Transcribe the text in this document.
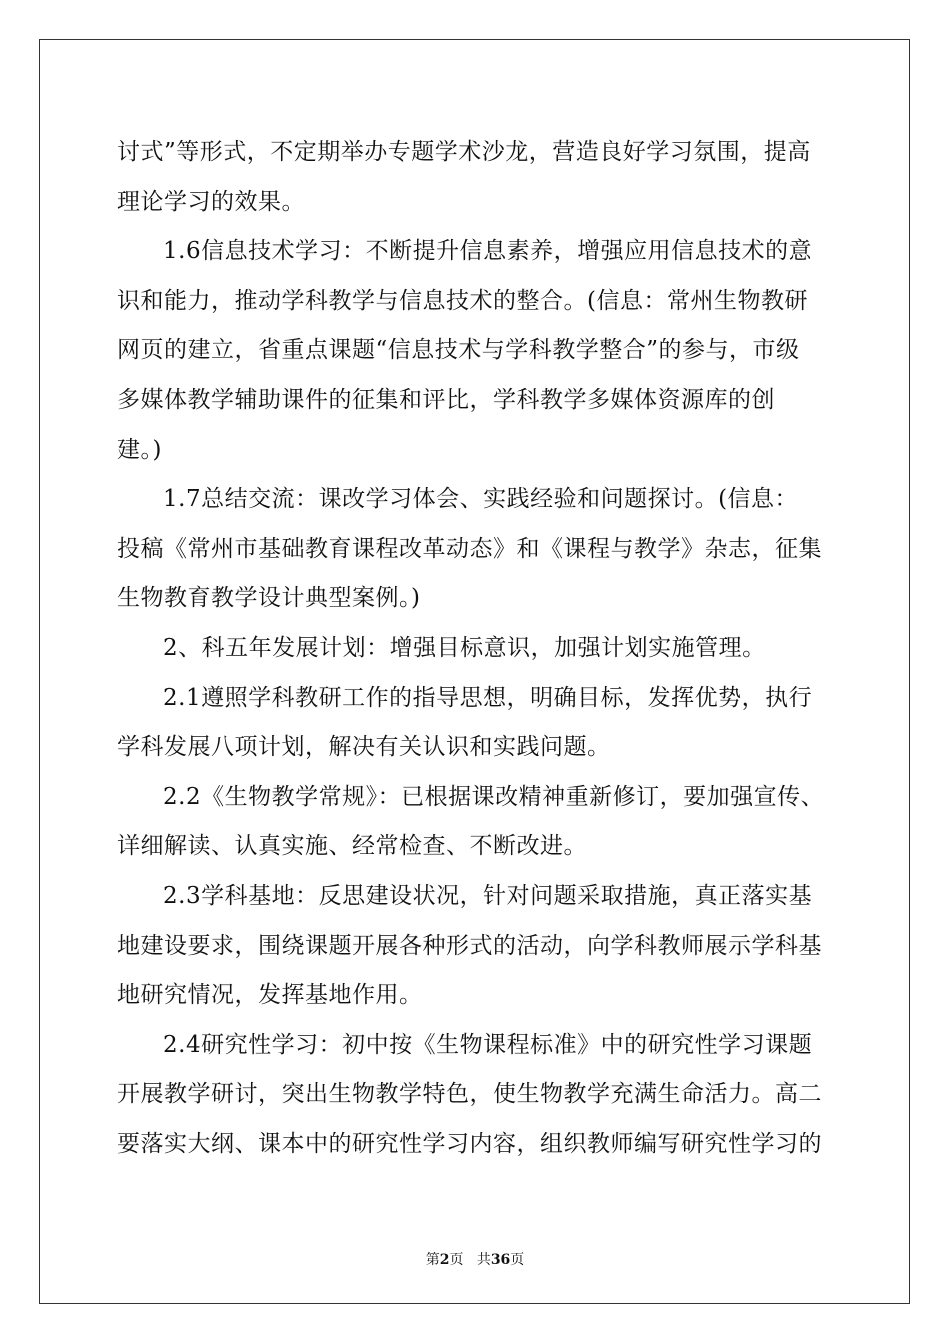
讨式”等形式，不定期举办专题学术沙龙，营造良好学习氛围，提高
理论学习的效果。
1.6信息技术学习：不断提升信息素养，增强应用信息技术的意
识和能力，推动学科教学与信息技术的整合。(信息：常州生物教研
网页的建立，省重点课题“信息技术与学科教学整合”的参与，市级
多媒体教学辅助课件的征集和评比，学科教学多媒体资源库的创
建。)
1.7总结交流：课改学习体会、实践经验和问题探讨。(信息：
投稿《常州市基础教育课程改革动态》和《课程与教学》杂志，征集
生物教育教学设计典型案例。)
2、科五年发展计划：增强目标意识，加强计划实施管理。
2.1遵照学科教研工作的指导思想，明确目标，发挥优势，执行
学科发展八项计划，解决有关认识和实践问题。
2.2《生物教学常规》：已根据课改精神重新修订，要加强宣传、
详细解读、认真实施、经常检查、不断改进。
2.3学科基地：反思建设状况，针对问题采取措施，真正落实基
地建设要求，围绕课题开展各种形式的活动，向学科教师展示学科基
地研究情况，发挥基地作用。
2.4研究性学习：初中按《生物课程标准》中的研究性学习课题
开展教学研讨，突出生物教学特色，使生物教学充满生命活力。高二
要落实大纲、课本中的研究性学习内容，组织教师编写研究性学习的
第2页 共36页
